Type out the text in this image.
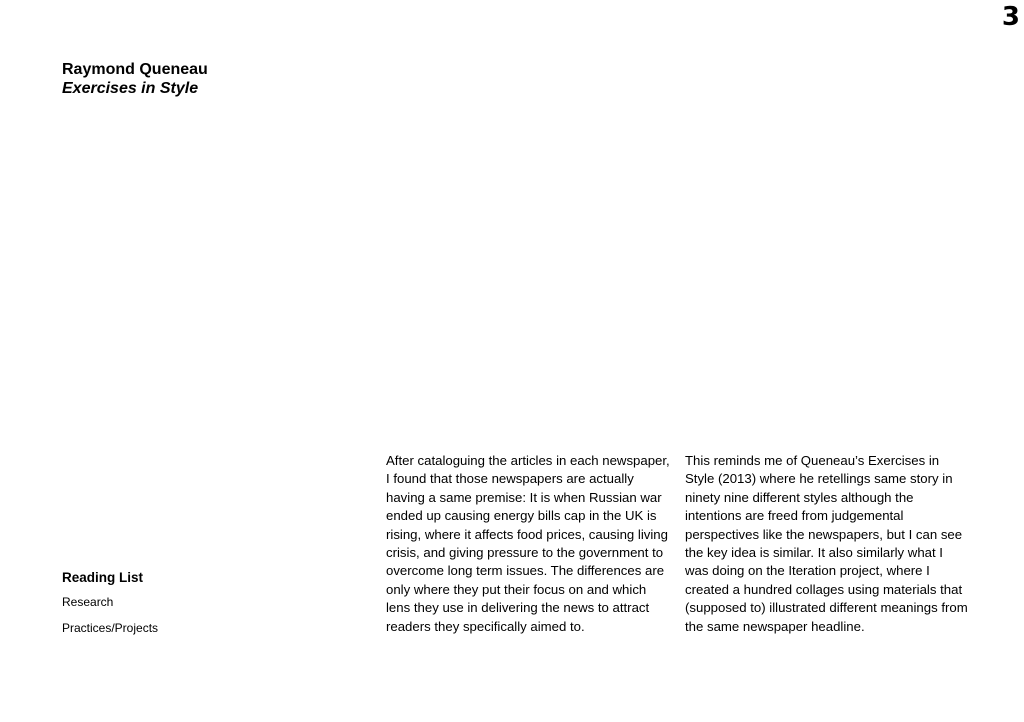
3
Raymond Queneau
Exercises in Style
Reading List
Research
Practices/Projects

After cataloguing the articles in each newspaper, I found that those newspapers are actually having a same premise: It is when Russian war ended up causing energy bills cap in the UK is rising, where it affects food prices, causing living crisis, and giving pressure to the government to overcome long term issues. The differences are only where they put their focus on and which lens they use in delivering the news to attract readers they specifically aimed to.

This reminds me of Queneau’s Exercises in Style (2013) where he retellings same story in ninety nine different styles although the intentions are freed from judgemental perspectives like the newspapers, but I can see the key idea is similar. It also similarly what I was doing on the Iteration project, where I created a hundred collages using materials that (supposed to) illustrated different meanings from the same newspaper headline.
